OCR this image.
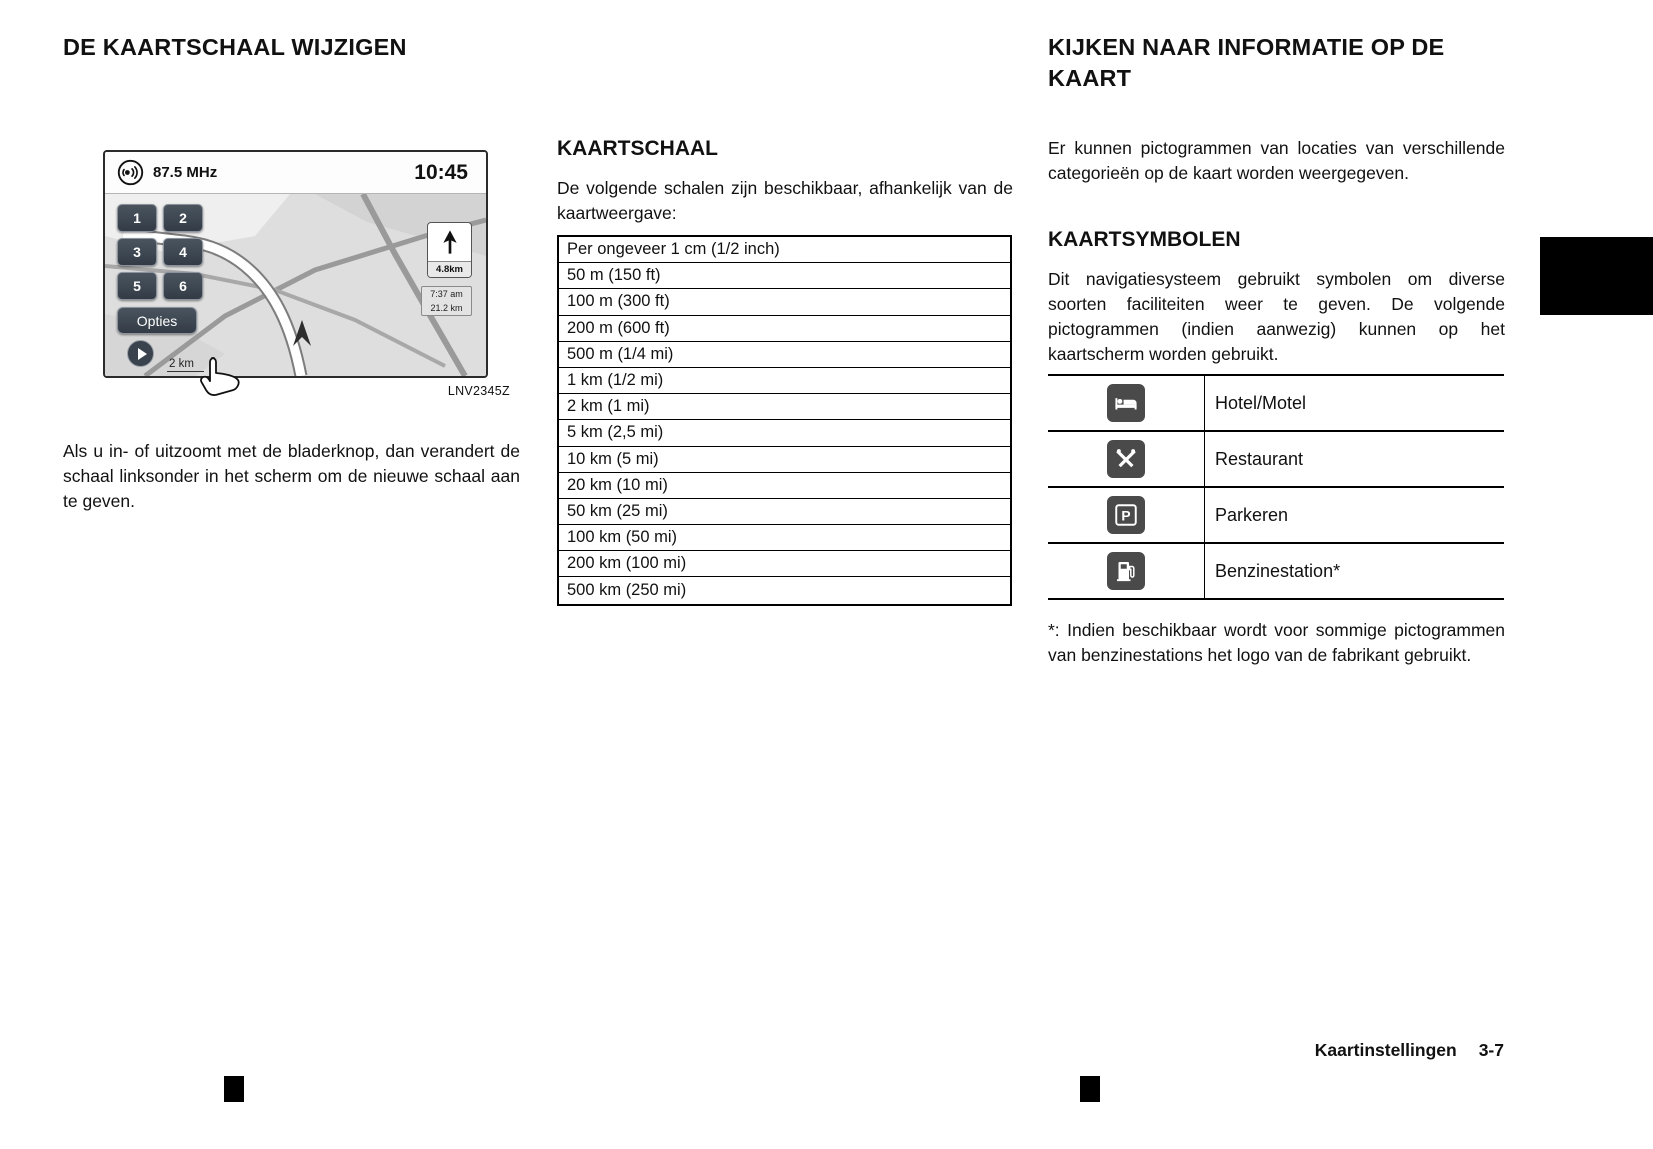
DE KAARTSCHAAL WIJZIGEN
87.5 MHz	10:45
1	2
3	4
5	6
Opties
2 km
4.8km
7:37 am
21.2 km
LNV2345Z
Als u in- of uitzoomt met de bladerknop, dan verandert de schaal linksonder in het scherm om de nieuwe schaal aan te geven.
KAARTSCHAAL
De volgende schalen zijn beschikbaar, afhankelijk van de kaartweergave:
Per ongeveer 1 cm (1/2 inch)
50 m (150 ft)
100 m (300 ft)
200 m (600 ft)
500 m (1/4 mi)
1 km (1/2 mi)
2 km (1 mi)
5 km (2,5 mi)
10 km (5 mi)
20 km (10 mi)
50 km (25 mi)
100 km (50 mi)
200 km (100 mi)
500 km (250 mi)
KIJKEN NAAR INFORMATIE OP DE KAART
Er kunnen pictogrammen van locaties van verschillende categorieën op de kaart worden weergegeven.
KAARTSYMBOLEN
Dit navigatiesysteem gebruikt symbolen om diverse soorten faciliteiten weer te geven. De volgende pictogrammen (indien aanwezig) kunnen op het kaartscherm worden gebruikt.
Hotel/Motel
Restaurant
P	Parkeren
Benzinestation*
*: Indien beschikbaar wordt voor sommige pictogrammen van benzinestations het logo van de fabrikant gebruikt.
Kaartinstellingen 3-7
